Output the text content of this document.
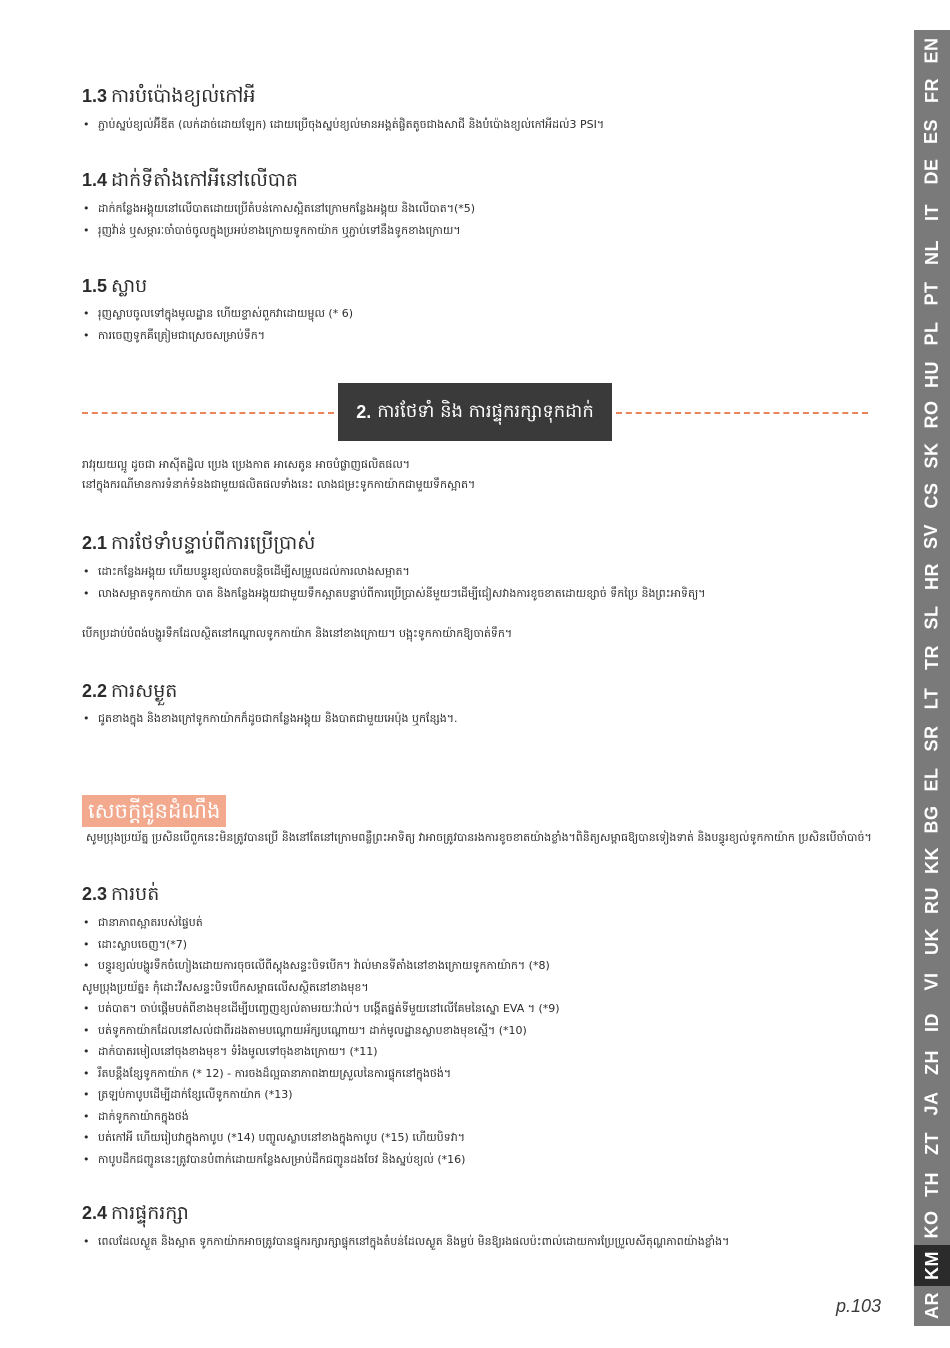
1.3 ការបំប៉ោងខ្យល់កៅអី
• ភ្ជាប់ស្នប់ខ្យល់អ៊ីឌីត (លក់ដាច់ដោយឡែក) ដោយប្រើចុងស្នប់ខ្យល់មានអង្គត់ផ្ចិតតូចជាងសាជី និងបំប៉ោងខ្យល់កៅអីដល់3 PSI។
1.4 ដាក់ទីតាំងកៅអីនៅលើបាត
• ដាក់កន្លែងអង្គុយនៅលើបាតដោយប្រើតំបន់កោសស្អិតនៅក្រោមកន្លែងអង្គុយ និងលើបាត។(*5)
• រុញវ៉ាន់ ឬសម្ភារៈចាំបាច់ចូលក្នុងប្រអប់ខាងក្រោយទូកកាយ៉ាក ឬភ្ជាប់ទៅនឹងទូកខាងក្រោយ។
1.5 ស្លាប
• រុញស្លាបចូលទៅក្នុងមូលដ្ឋាន ហើយខ្ទាស់ពួកវាដោយម្ជុល (* 6)
• ការចេញទូកគឺត្រៀមជាស្រេចសម្រាប់ទឹក។
រាវរុយយល្អូ ដូចជា អាស៊ីតដ្ឋិល ប្រេង ប្រេងកាត អាសេតូន អាចបំផ្លាញផលិតផល។
នៅក្នុងករណីមានការទំនាក់ទំនងជាមួយផលិតផលទាំងនេះ លាងជម្រះទូកកាយ៉ាកជាមួយទឹកស្អាត។
2.1 ការថែទាំបន្ទាប់ពីការប្រើប្រាស់
• ដោះកន្លែងអង្គុយ ហើយបន្ធូរខ្យល់បាតបន្តិចដើម្បីសម្រួលដល់ការលាងសម្អាត។
• លាងសម្អាតទូកកាយ៉ាក បាត និងកន្លែងអង្គុយជាមួយទឹកស្អាតបន្ទាប់ពីការប្រើប្រាស់នីមួយៗដើម្បីជៀសវាងការខូចខាតដោយខ្សាច់ ទឹកប្រៃ និងព្រះអាទិត្យ។
បើកប្រដាប់បំពង់បង្ហូរទឹកដែលស្ថិតនៅកណ្តាលទូកកាយ៉ាក និងនៅខាងក្រោយ។ បង្អុះទូកកាយ៉ាកឱ្យចាត់ទឹក។
2.2 ការសម្ងួត
• ជូតខាងក្នុង និងខាងក្រៅទូកកាយ៉ាកក៏ដូចជាកន្លែងអង្គុយ និងបាតជាមួយអេប៉ុង ឬកន្សែង។.
2.3 ការបត់
• ជានាភាពស្អាតរបស់ផ្ទៃបត់
• ដោះស្លាបចេញ។(*7)
• បន្ធូរខ្យល់បង្ហូរទឹកចំហៀងដោយការចុចលើពីស្តុងសន្ទះបិទបើក។ វ៉ាល់មានទីតាំងនៅខាងក្រោយទូកកាយ៉ាក។ (*8)
សូមប្រុងប្រយ័ត្ន៖ កុំដោះវីសសន្ទះបិទបើកសម្ពាធលើសស្ថិតនៅខាងមុខ។
• បត់បាត។ ចាប់ផ្តើមបត់ពីខាងមុខដើម្បីបញ្ចេញខ្យល់តាមរយៈវ៉ាល់។ បង្កើតផ្នត់ទីមួយនៅលើគែមនៃស្នោ EVA ។ (*9)
• បត់ទូកកាយ៉ាកដែលនៅសល់ជាពីរដងតាមបណ្តោយអ័ក្សបណ្តោយ។ ដាក់មូលដ្ឋានស្លាបខាងមុខស្មើ។ (*10)
• ដាក់បាតរមៀលនៅចុងខាងមុខ។ ទំរំងមូលទៅចុងខាងក្រោយ។ (*11)
• រឹតបន្តឹងខ្សែទូកកាយ៉ាក (* 12) - ការចងដ៏ល្អធានាភាពងាយស្រួលនៃការផ្ទុកនៅក្នុងថង់។
• ត្រឡប់កាបូបដើម្បីដាក់ខ្សែលើទូកកាយ៉ាក (*13)
• ដាក់ទូកកាយ៉ាកក្នុងថង់
• បត់កៅអី ហើយរៀបវាក្នុងកាបូប (*14) បញ្ចូលស្លាបនៅខាងក្នុងកាបូប (*15) ហើយបិទវា។
• កាបូបដឹកជញ្ជូននេះត្រូវបានបំពាក់ដោយកន្លែងសម្រាប់ដឹកជញ្ជូនដងចែវ និងស្នប់ខ្យល់ (*16)
2.4 ការផ្ទុករក្សា
• ពេលដែលស្ងួត និងស្អាត ទូកកាយ៉ាកអាចត្រូវបានផ្ទុករក្សារក្សាផ្ទុកនៅក្នុងតំបន់ដែលស្ងួត និងម្លប់ មិនឱ្យរងផលប៉ះពាល់ដោយការប្រែប្រួលសីតុណ្ហភាពយ៉ាងខ្លាំង។
2. ការថែទាំ និង ការផ្ទុករក្សាទុកដាក់
សេចក្តីជូនដំណឹង
សូមប្រុងប្រយ័ត្ន ប្រសិនបើពួកនេះមិនត្រូវបានប្រើ និងនៅតែនៅក្រោមពន្លឺព្រះអាទិត្យ វាអាចត្រូវបានរងការខូចខាតយ៉ាងខ្លាំង។ពិនិត្យសម្ពាធឱ្យបានទៀងទាត់ និងបន្ធូរខ្យល់ទូកកាយ៉ាក ប្រសិនបើចាំបាច់។
EN
FR
ES
DE
IT
NL
PT
PL
HU
RO
SK
CS
SV
HR
SL
TR
LT
SR
EL
BG
KK
RU
UK
VI
ID
ZH
JA
ZT
TH
KO
KM
AR
p.103
